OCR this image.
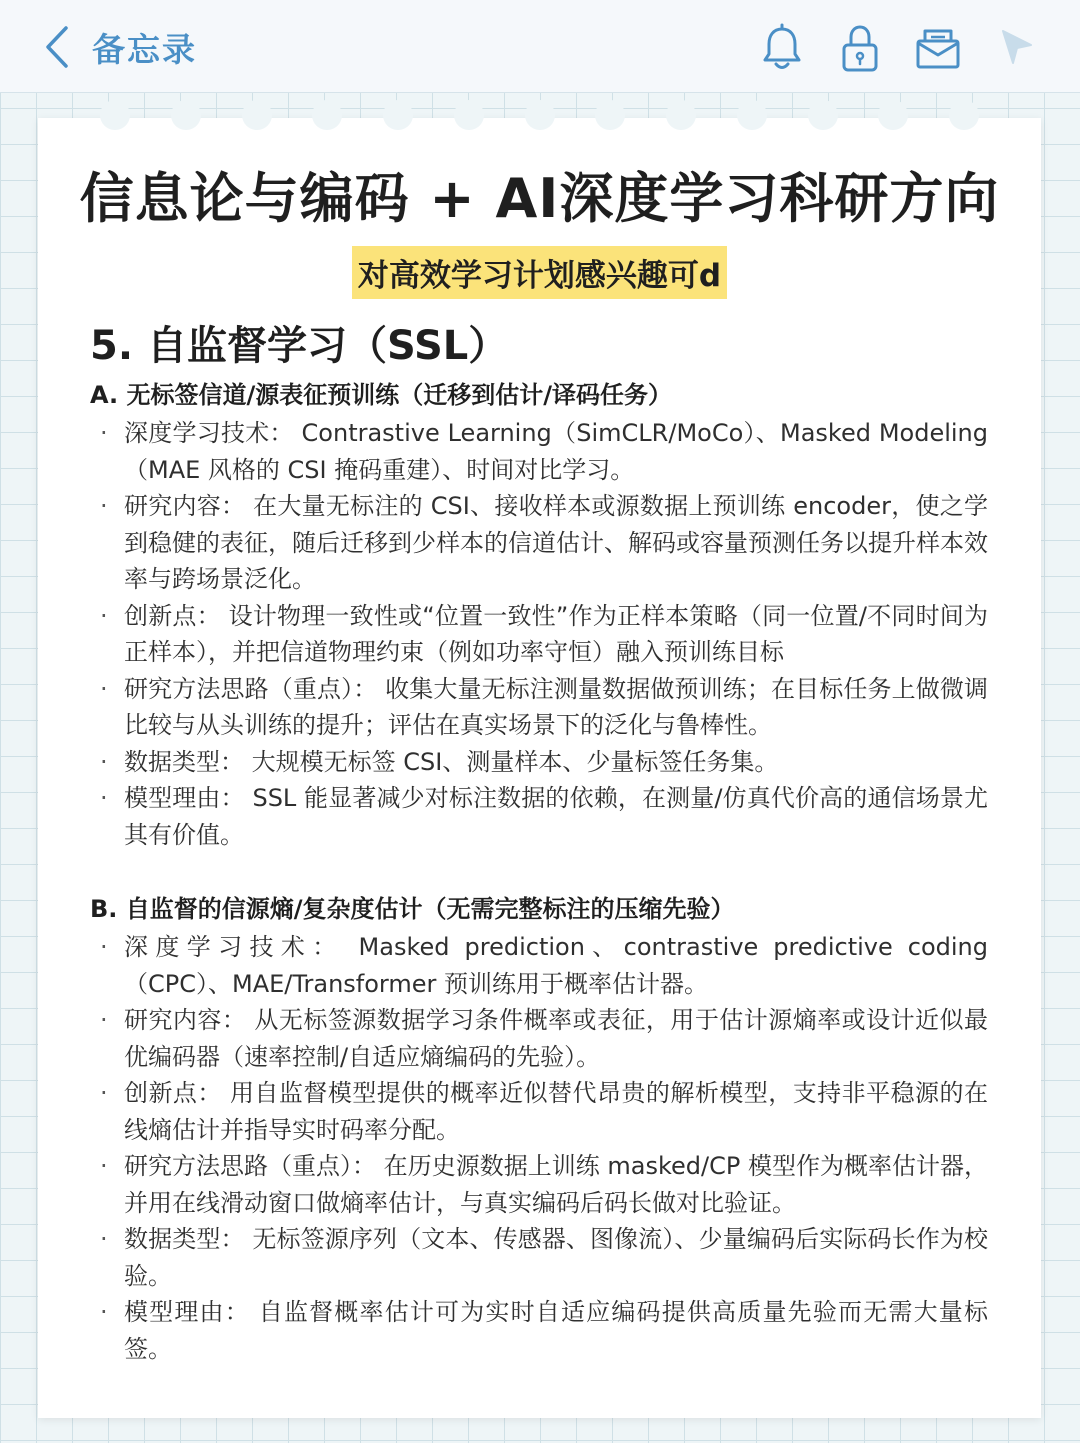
备忘录
信息论与编码 + AI深度学习科研方向
对高效学习计划感兴趣可d
5. 自监督学习（SSL）
A. 无标签信道/源表征预训练（迁移到估计/译码任务）
· 深度学习技术： Contrastive Learning（SimCLR/MoCo）、Masked Modeling（MAE 风格的 CSI 掩码重建）、时间对比学习。
· 研究内容： 在大量无标注的 CSI、接收样本或源数据上预训练 encoder，使之学到稳健的表征，随后迁移到少样本的信道估计、解码或容量预测任务以提升样本效率与跨场景泛化。
· 创新点： 设计物理一致性或“位置一致性”作为正样本策略（同一位置/不同时间为正样本），并把信道物理约束（例如功率守恒）融入预训练目标
· 研究方法思路（重点）： 收集大量无标注测量数据做预训练；在目标任务上做微调比较与从头训练的提升；评估在真实场景下的泛化与鲁棒性。
· 数据类型： 大规模无标签 CSI、测量样本、少量标签任务集。
· 模型理由： SSL 能显著减少对标注数据的依赖，在测量/仿真代价高的通信场景尤其有价值。
B. 自监督的信源熵/复杂度估计（无需完整标注的压缩先验）
· 深度学习技术： Masked prediction、contrastive predictive coding（CPC）、MAE/Transformer 预训练用于概率估计器。
· 研究内容： 从无标签源数据学习条件概率或表征，用于估计源熵率或设计近似最优编码器（速率控制/自适应熵编码的先验）。
· 创新点： 用自监督模型提供的概率近似替代昂贵的解析模型，支持非平稳源的在线熵估计并指导实时码率分配。
· 研究方法思路（重点）： 在历史源数据上训练 masked/CP 模型作为概率估计器，并用在线滑动窗口做熵率估计，与真实编码后码长做对比验证。
· 数据类型： 无标签源序列（文本、传感器、图像流）、少量编码后实际码长作为校验。
· 模型理由： 自监督概率估计可为实时自适应编码提供高质量先验而无需大量标签。
